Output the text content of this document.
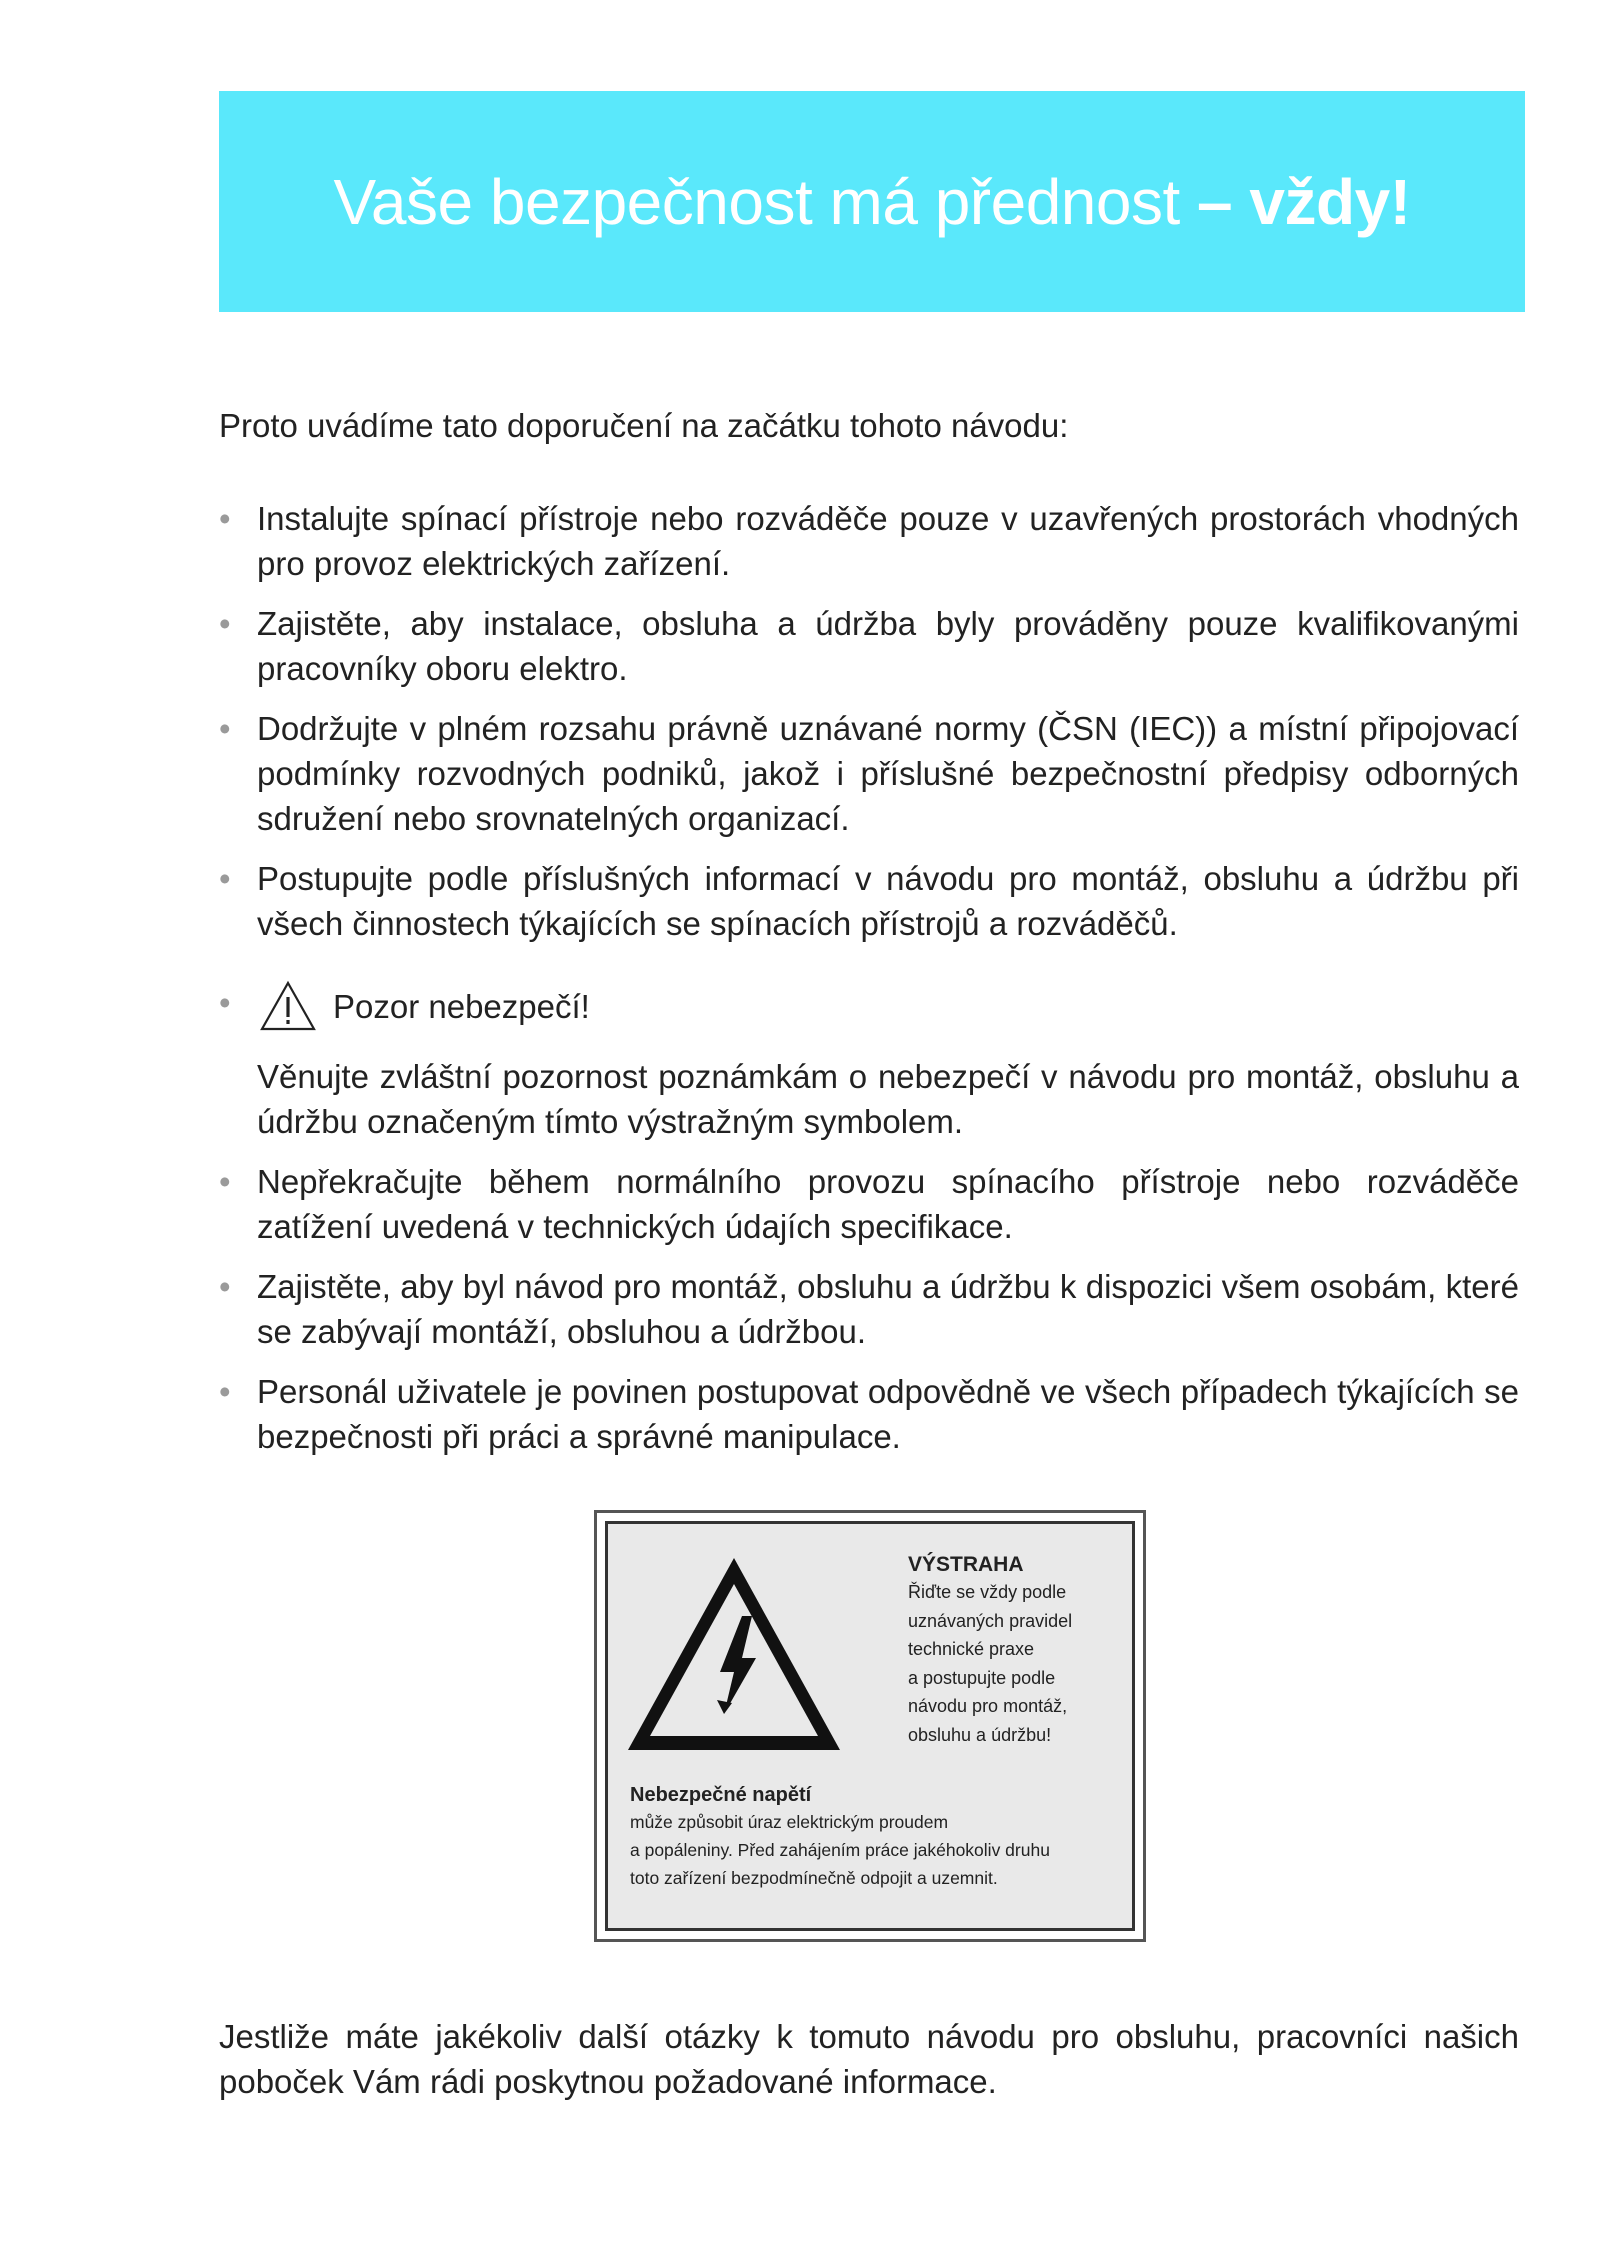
Vaše bezpečnost má přednost – vždy!

Proto uvádíme tato doporučení na začátku tohoto návodu:

• Instalujte spínací přístroje nebo rozváděče pouze v uzavřených prostorách vhodných pro provoz elektrických zařízení.
• Zajistěte, aby instalace, obsluha a údržba byly prováděny pouze kvalifikovanými pracovníky oboru elektro.
• Dodržujte v plném rozsahu právně uznávané normy (ČSN (IEC)) a místní připojovací podmínky rozvodných podniků, jakož i příslušné bezpečnostní předpisy odborných sdružení nebo srovnatelných organizací.
• Postupujte podle příslušných informací v návodu pro montáž, obsluhu a údržbu při všech činnostech týkajících se spínacích přístrojů a rozváděčů.
• Pozor nebezpečí!
Věnujte zvláštní pozornost poznámkám o nebezpečí v návodu pro montáž, obsluhu a údržbu označeným tímto výstražným symbolem.
• Nepřekračujte během normálního provozu spínacího přístroje nebo rozváděče zatížení uvedená v technických údajích specifikace.
• Zajistěte, aby byl návod pro montáž, obsluhu a údržbu k dispozici všem osobám, které se zabývají montáží, obsluhou a údržbou.
• Personál uživatele je povinen postupovat odpovědně ve všech případech týkajících se bezpečnosti při práci a správné manipulace.
VÝSTRAHA
Řiďte se vždy podle
uznávaných pravidel
technické praxe
a postupujte podle
návodu pro montáž,
obsluhu a údržbu!
Nebezpečné napětí
může způsobit úraz elektrickým proudem
a popáleniny. Před zahájením práce jakéhokoliv druhu
toto zařízení bezpodmínečně odpojit a uzemnit.

Jestliže máte jakékoliv další otázky k tomuto návodu pro obsluhu, pracovníci našich poboček Vám rádi poskytnou požadované informace.
